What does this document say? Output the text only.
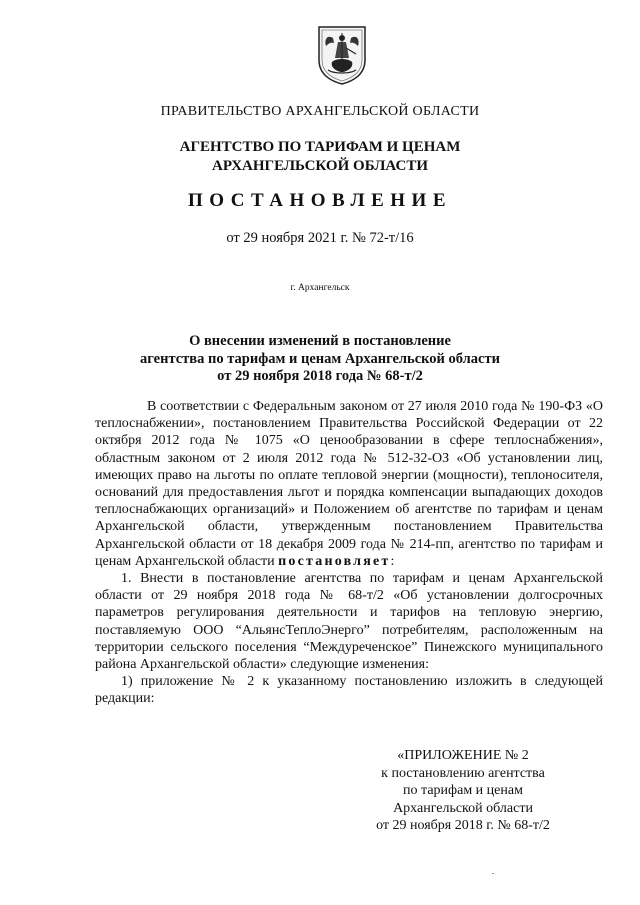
ПРАВИТЕЛЬСТВО АРХАНГЕЛЬСКОЙ ОБЛАСТИ
АГЕНТСТВО ПО ТАРИФАМ И ЦЕНАМ
АРХАНГЕЛЬСКОЙ ОБЛАСТИ
ПОСТАНОВЛЕНИЕ
от 29 ноября 2021 г. № 72-т/16
г. Архангельск
О внесении изменений в постановление
агентства по тарифам и ценам Архангельской области
от 29 ноября 2018 года № 68-т/2

В соответствии с Федеральным законом от 27 июля 2010 года № 190-ФЗ «О теплоснабжении», постановлением Правительства Российской Федерации от 22 октября 2012 года № 1075 «О ценообразовании в сфере теплоснабжения», областным законом от 2 июля 2012 года № 512-32-ОЗ «Об установлении лиц, имеющих право на льготы по оплате тепловой энергии (мощности), теплоносителя, оснований для предоставления льгот и порядка компенсации выпадающих доходов теплоснабжающих организаций» и Положением об агентстве по тарифам и ценам Архангельской области, утвержденным постановлением Правительства Архангельской области от 18 декабря 2009 года № 214-пп, агентство по тарифам и ценам Архангельской области постановляет:

1. Внести в постановление агентства по тарифам и ценам Архангельской области от 29 ноября 2018 года № 68-т/2 «Об установлении долгосрочных параметров регулирования деятельности и тарифов на тепловую энергию, поставляемую ООО “АльянсТеплоЭнерго” потребителям, расположенным на территории сельского поселения “Междуреченское” Пинежского муниципального района Архангельской области» следующие изменения:

1) приложение № 2 к указанному постановлению изложить в следующей редакции:

«ПРИЛОЖЕНИЕ № 2
к постановлению агентства
по тарифам и ценам
Архангельской области
от 29 ноября 2018 г. № 68-т/2
